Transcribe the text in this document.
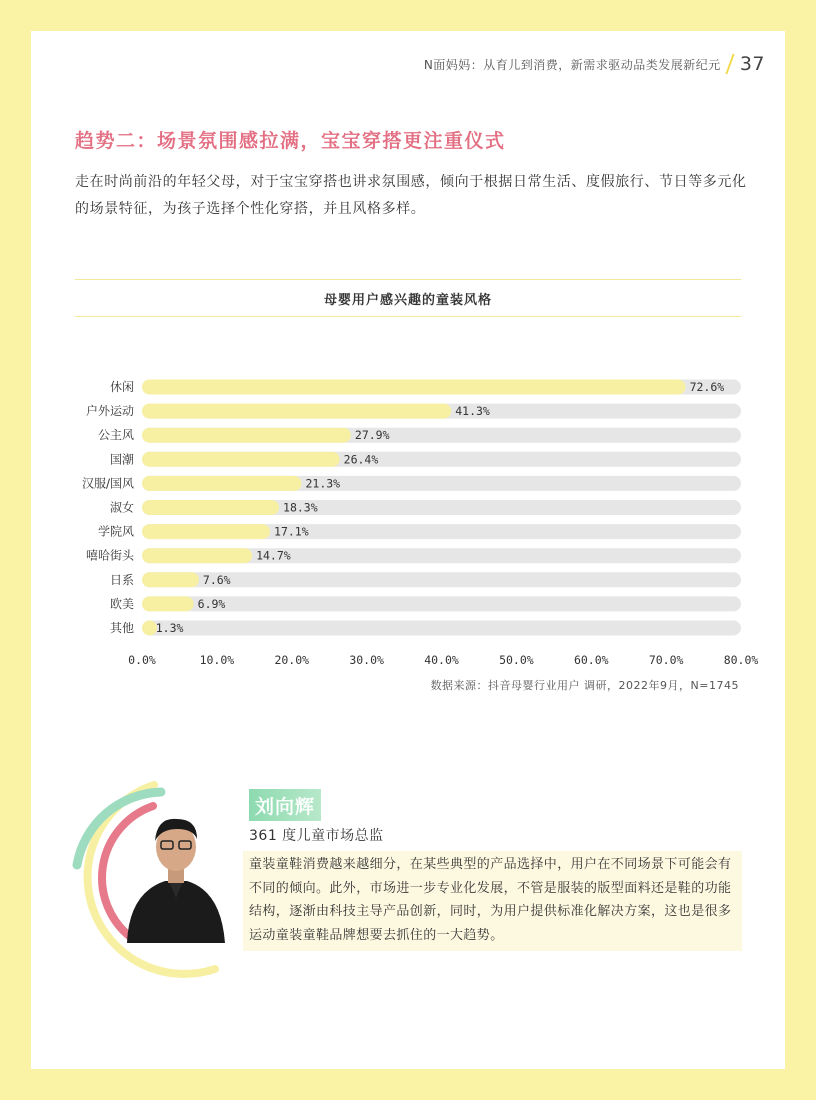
N面妈妈：从育儿到消费，新需求驱动品类发展新纪元 37
趋势二：场景氛围感拉满，宝宝穿搭更注重仪式
走在时尚前沿的年轻父母，对于宝宝穿搭也讲求氛围感，倾向于根据日常生活、度假旅行、节日等多元化的场景特征，为孩子选择个性化穿搭，并且风格多样。
母婴用户感兴趣的童装风格
休闲	72.6%
户外运动	41.3%
公主风	27.9%
国潮	26.4%
汉服/国风	21.3%
淑女	18.3%
学院风	17.1%
嘻哈街头	14.7%
日系	7.6%
欧美	6.9%
其他 1.3%
0.0%	10.0%	20.0%	30.0%	40.0%	50.0%	60.0%	70.0%	80.0%
数据来源：抖音母婴行业用户 调研，2022年9月，N=1745
刘向辉
361 度儿童市场总监
童装童鞋消费越来越细分，在某些典型的产品选择中，用户在不同场景下可能会有不同的倾向。此外，市场进一步专业化发展，不管是服装的版型面料还是鞋的功能结构，逐渐由科技主导产品创新，同时，为用户提供标准化解决方案，这也是很多运动童装童鞋品牌想要去抓住的一大趋势。
